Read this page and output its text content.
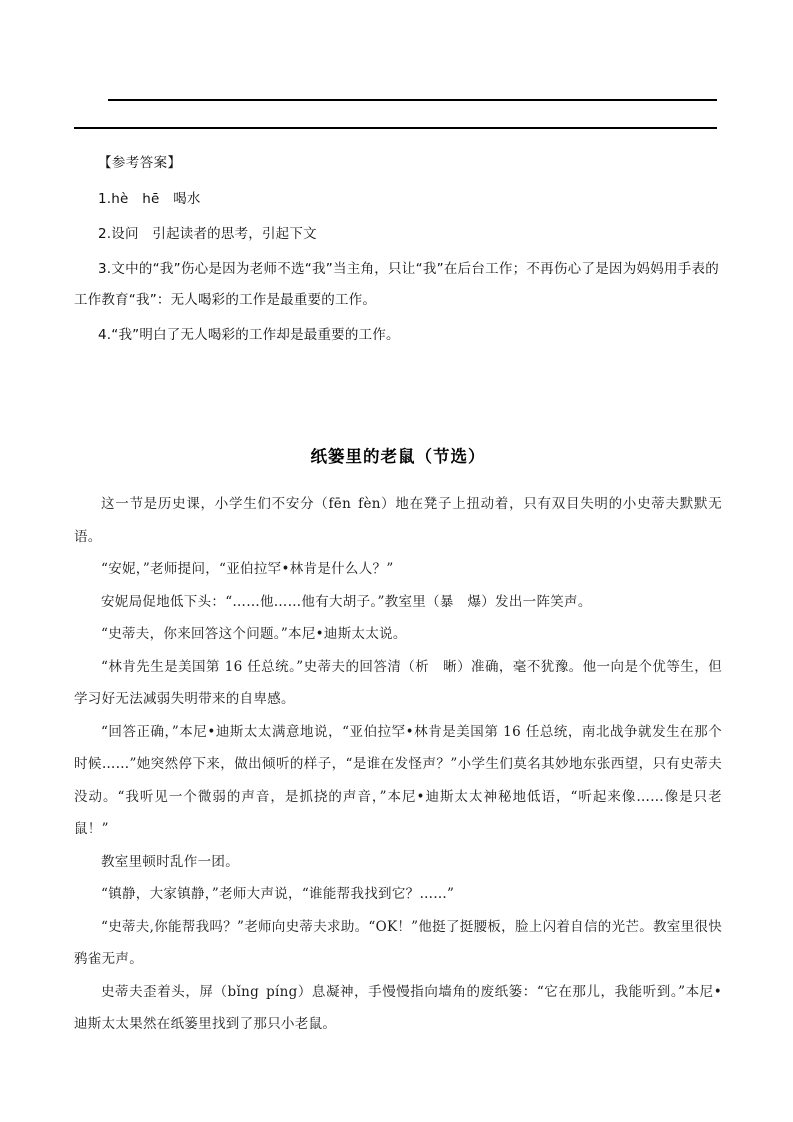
【参考答案】

1.hè hē 喝水

2.设问 引起读者的思考，引起下文

3.文中的“我”伤心是因为老师不选“我”当主角，只让“我”在后台工作；不再伤心了是因为妈妈用手表的工作教育“我”：无人喝彩的工作是最重要的工作。

4.“我”明白了无人喝彩的工作却是最重要的工作。

纸篓里的老鼠（节选）

这一节是历史课，小学生们不安分（fēn fèn）地在凳子上扭动着，只有双目失明的小史蒂夫默默无语。

“安妮，”老师提问，“亚伯拉罕•林肯是什么人？”

安妮局促地低下头：“……他……他有大胡子。”教室里（暴 爆）发出一阵笑声。

“史蒂夫，你来回答这个问题。”本尼•迪斯太太说。

“林肯先生是美国第 16 任总统。”史蒂夫的回答清（析 晰）准确，毫不犹豫。他一向是个优等生，但学习好无法减弱失明带来的自卑感。

“回答正确，”本尼•迪斯太太满意地说，“亚伯拉罕•林肯是美国第 16 任总统，南北战争就发生在那个时候……”她突然停下来，做出倾听的样子，“是谁在发怪声？”小学生们莫名其妙地东张西望，只有史蒂夫没动。“我听见一个微弱的声音，是抓挠的声音，”本尼•迪斯太太神秘地低语，“听起来像……像是只老鼠！”

教室里顿时乱作一团。

“镇静，大家镇静，”老师大声说，“谁能帮我找到它？……”

“史蒂夫,你能帮我吗？”老师向史蒂夫求助。“OK！”他挺了挺腰板，脸上闪着自信的光芒。教室里很快鸦雀无声。

史蒂夫歪着头，屏（bǐng píng）息凝神，手慢慢指向墙角的废纸篓：“它在那儿，我能听到。”本尼•迪斯太太果然在纸篓里找到了那只小老鼠。
